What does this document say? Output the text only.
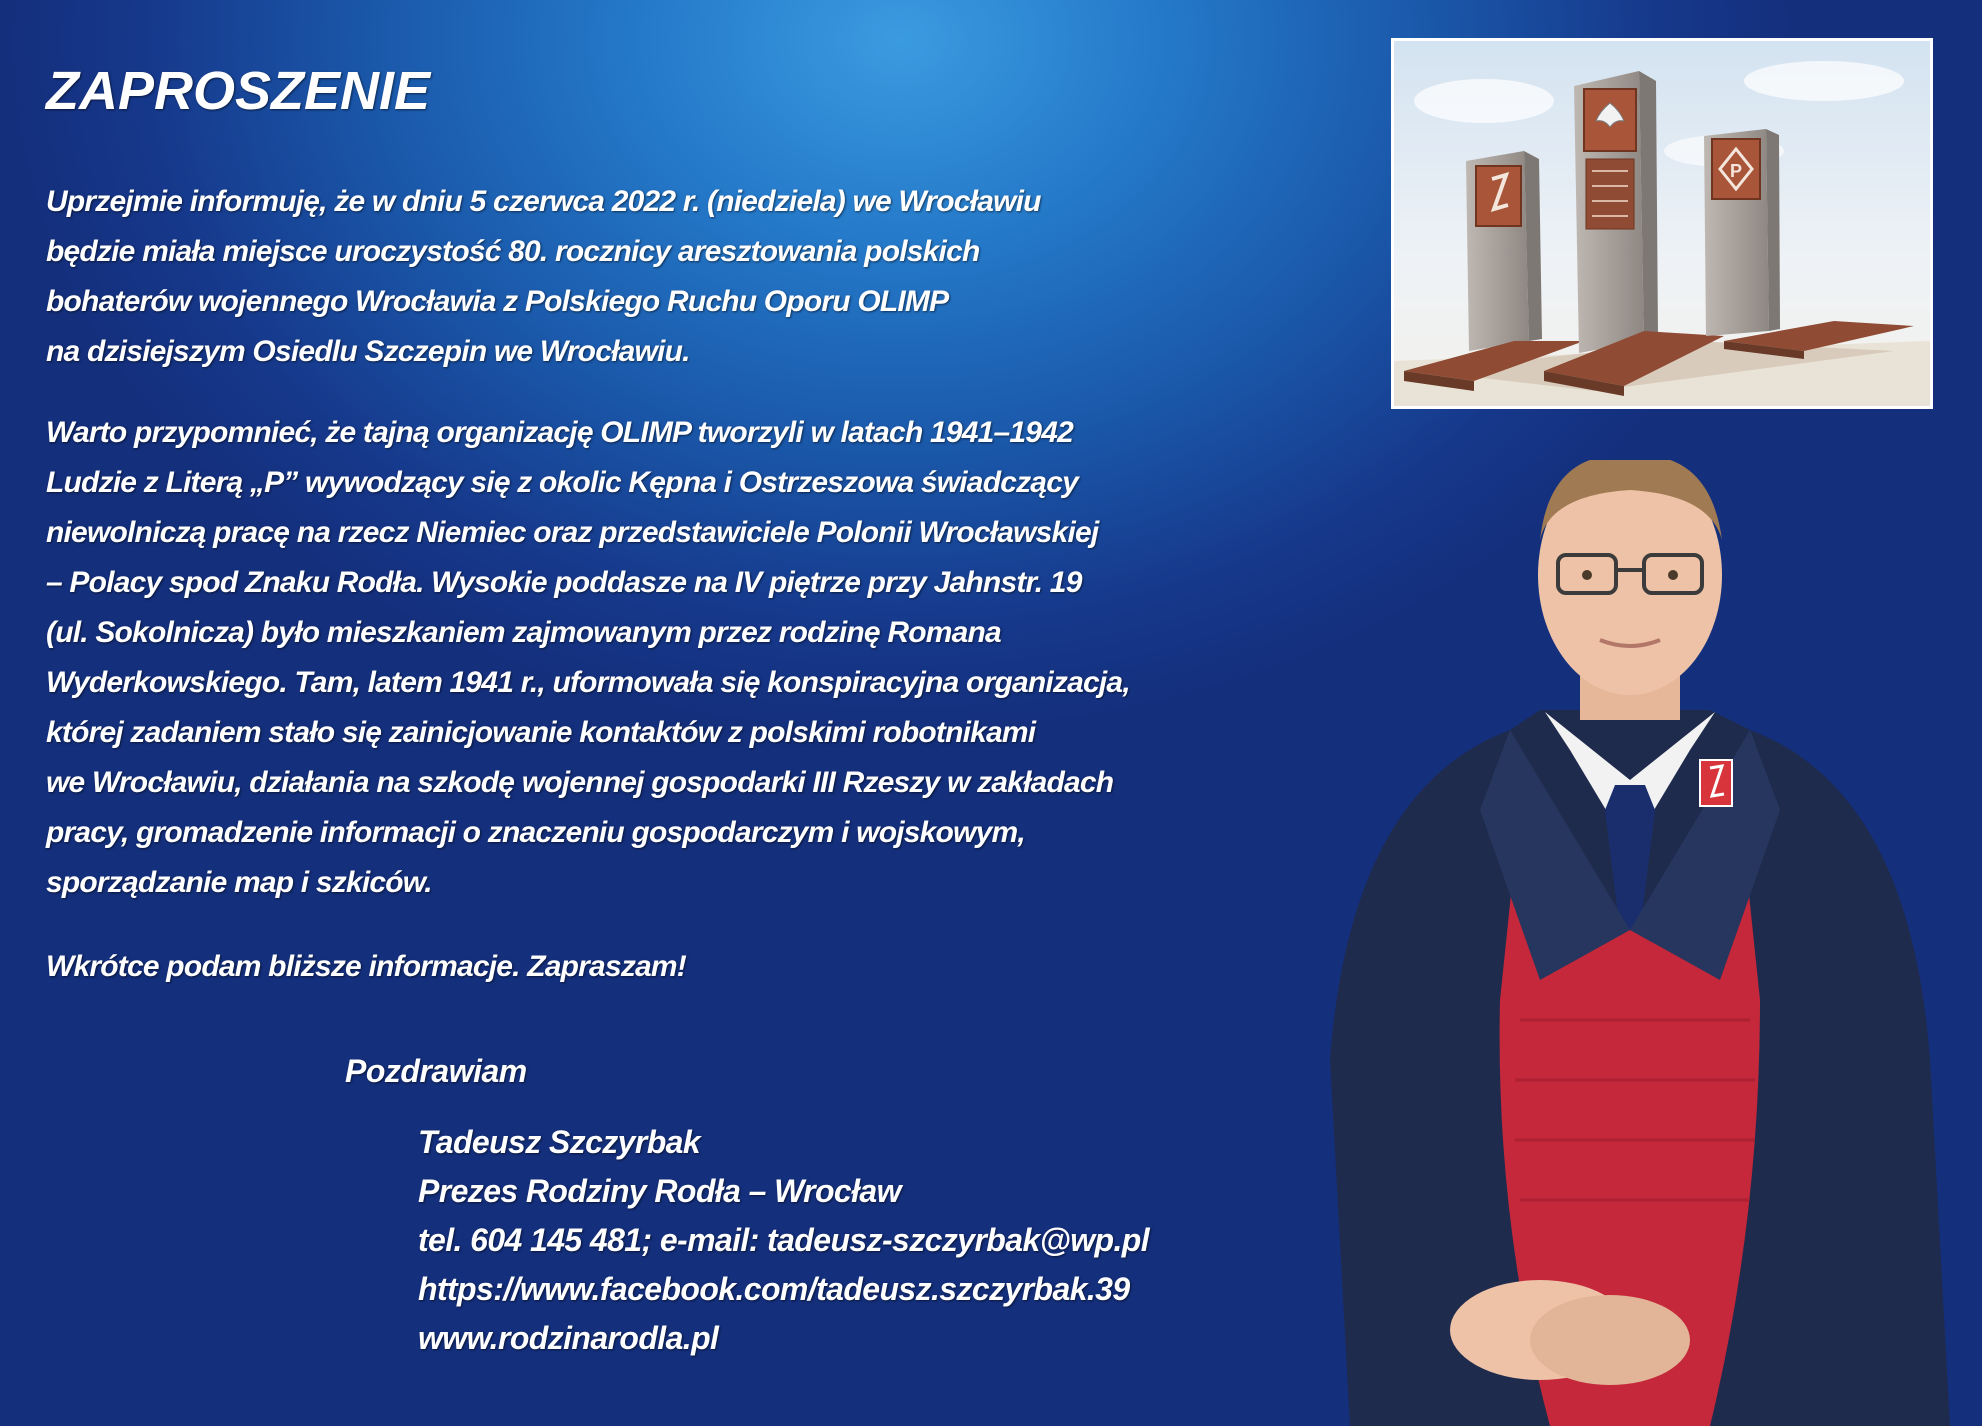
ZAPROSZENIE
Uprzejmie informuję, że w dniu 5 czerwca 2022 r. (niedziela) we Wrocławiu
będzie miała miejsce uroczystość 80. rocznicy aresztowania polskich
bohaterów wojennego Wrocławia z Polskiego Ruchu Oporu OLIMP
na dzisiejszym Osiedlu Szczepin we Wrocławiu.
Warto przypomnieć, że tajną organizację OLIMP tworzyli w latach 1941–1942
Ludzie z Literą „P” wywodzący się z okolic Kępna i Ostrzeszowa świadczący
niewolniczą pracę na rzecz Niemiec oraz przedstawiciele Polonii Wrocławskiej
– Polacy spod Znaku Rodła. Wysokie poddasze na IV piętrze przy Jahnstr. 19
(ul. Sokolnicza) było mieszkaniem zajmowanym przez rodzinę Romana
Wyderkowskiego. Tam, latem 1941 r., uformowała się konspiracyjna organizacja,
której zadaniem stało się zainicjowanie kontaktów z polskimi robotnikami
we Wrocławiu, działania na szkodę wojennej gospodarki III Rzeszy w zakładach
pracy, gromadzenie informacji o znaczeniu gospodarczym i wojskowym,
sporządzanie map i szkiców.
Wkrótce podam bliższe informacje. Zapraszam!

Pozdrawiam

Tadeusz Szczyrbak
Prezes Rodziny Rodła – Wrocław
tel. 604 145 481; e-mail: tadeusz-szczyrbak@wp.pl
https://www.facebook.com/tadeusz.szczyrbak.39
www.rodzinarodla.pl
P
